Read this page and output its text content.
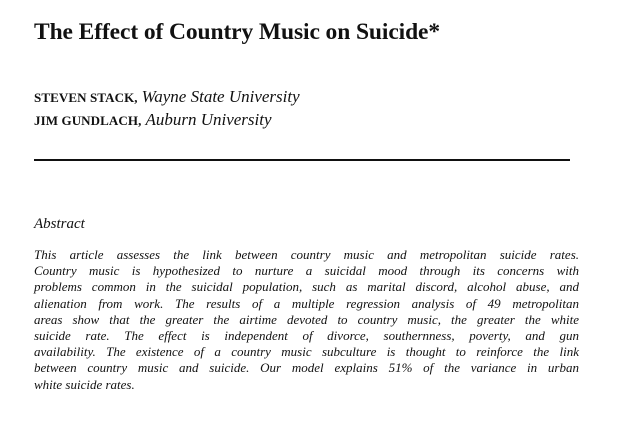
The Effect of Country Music on Suicide*
STEVEN STACK, Wayne State University
JIM GUNDLACH, Auburn University
Abstract
This article assesses the link between country music and metropolitan suicide rates.
Country music is hypothesized to nurture a suicidal mood through its concerns with
problems common in the suicidal population, such as marital discord, alcohol abuse, and
alienation from work. The results of a multiple regression analysis of 49 metropolitan
areas show that the greater the airtime devoted to country music, the greater the white
suicide rate. The effect is independent of divorce, southernness, poverty, and gun
availability. The existence of a country music subculture is thought to reinforce the link
between country music and suicide. Our model explains 51% of the variance in urban
white suicide rates.
